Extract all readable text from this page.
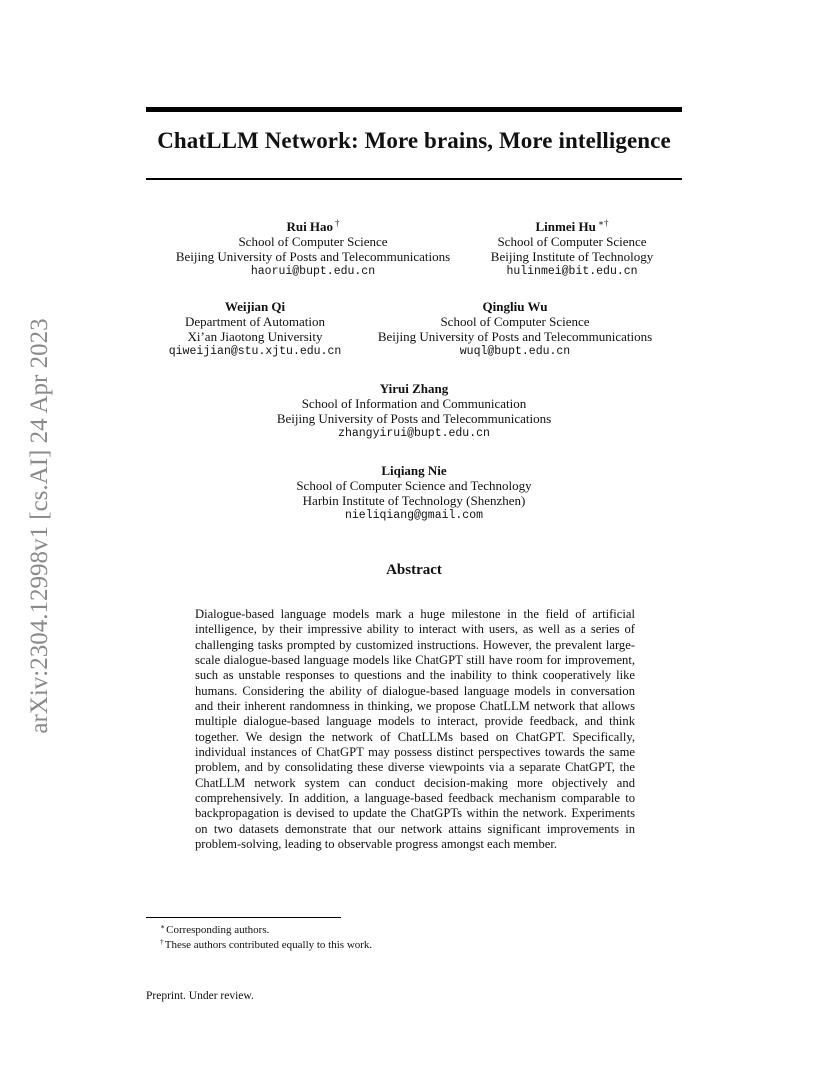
arXiv:2304.12998v1 [cs.AI] 24 Apr 2023
ChatLLM Network: More brains, More intelligence
Rui Hao †
School of Computer Science
Beijing University of Posts and Telecommunications
haorui@bupt.edu.cn
Linmei Hu ∗†
School of Computer Science
Beijing Institute of Technology
hulinmei@bit.edu.cn
Weijian Qi
Department of Automation
Xi’an Jiaotong University
qiweijian@stu.xjtu.edu.cn
Qingliu Wu
School of Computer Science
Beijing University of Posts and Telecommunications
wuql@bupt.edu.cn
Yirui Zhang
School of Information and Communication
Beijing University of Posts and Telecommunications
zhangyirui@bupt.edu.cn
Liqiang Nie
School of Computer Science and Technology
Harbin Institute of Technology (Shenzhen)
nieliqiang@gmail.com
Abstract
Dialogue-based language models mark a huge milestone in the field of artificial intelligence, by their impressive ability to interact with users, as well as a series of challenging tasks prompted by customized instructions. However, the prevalent large-scale dialogue-based language models like ChatGPT still have room for improvement, such as unstable responses to questions and the inability to think cooperatively like humans. Considering the ability of dialogue-based language models in conversation and their inherent randomness in thinking, we propose ChatLLM network that allows multiple dialogue-based language models to interact, provide feedback, and think together. We design the network of ChatLLMs based on ChatGPT. Specifically, individual instances of ChatGPT may possess distinct perspectives towards the same problem, and by consolidating these diverse viewpoints via a separate ChatGPT, the ChatLLM network system can conduct decision-making more objectively and comprehensively. In addition, a language-based feedback mechanism comparable to backpropagation is devised to update the ChatGPTs within the network. Experiments on two datasets demonstrate that our network attains significant improvements in problem-solving, leading to observable progress amongst each member.
∗Corresponding authors.
†These authors contributed equally to this work.
Preprint. Under review.
